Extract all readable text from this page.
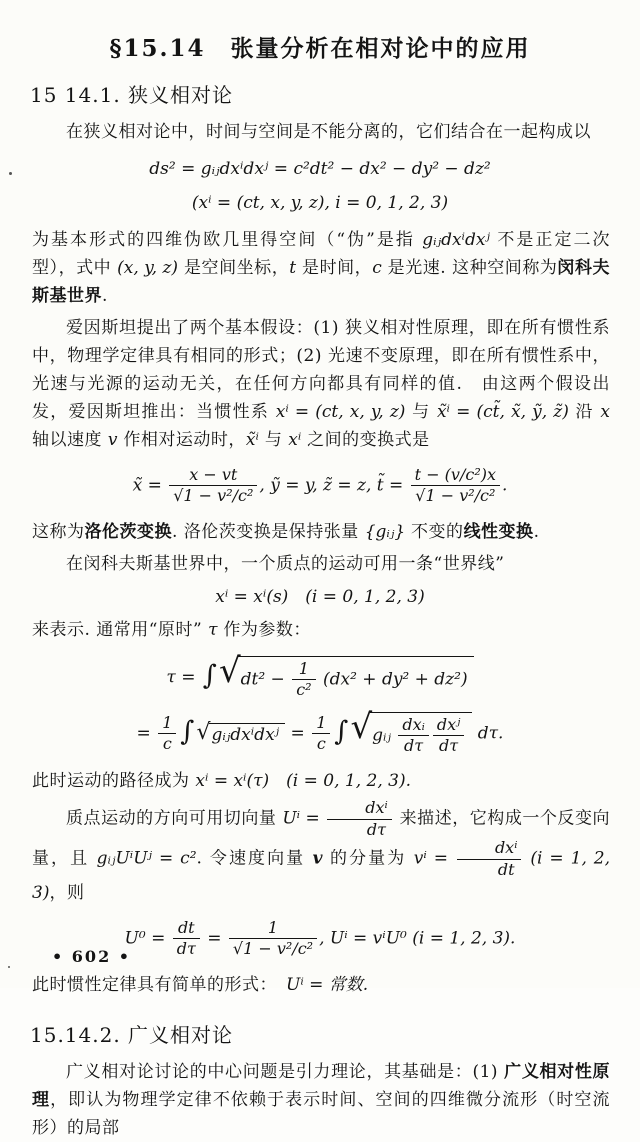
§15.14　张量分析在相对论中的应用
15 14.1. 狭义相对论

在狭义相对论中，时间与空间是不能分离的，它们结合在一起构成以

ds² = gᵢⱼdxⁱdxʲ = c²dt² − dx² − dy² − dz²
(xⁱ = (ct, x, y, z), i = 0, 1, 2, 3)

为基本形式的四维伪欧几里得空间（“伪”是指 gᵢⱼdxⁱdxʲ 不是正定二次型），式中 (x, y, z) 是空间坐标，t 是时间，c 是光速. 这种空间称为闵科夫斯基世界.

爱因斯坦提出了两个基本假设：(1) 狭义相对性原理，即在所有惯性系中，物理学定律具有相同的形式；(2) 光速不变原理，即在所有惯性系中，光速与光源的运动无关，在任何方向都具有同样的值.　由这两个假设出发，爱因斯坦推出：当惯性系 xⁱ = (ct, x, y, z) 与 x̃ⁱ = (ct̃, x̃, ỹ, z̃) 沿 x 轴以速度 v 作相对运动时，x̃ⁱ 与 xⁱ 之间的变换式是

x̃ = $\frac{x - vt}{\text{√1 − v²/c²}}$ , ỹ = y, z̃ = z, t̃ = $\frac{\text{t − (v/c²)x}}{\text{√1 − v²/c²}}$ .

这称为洛伦茨变换. 洛伦茨变换是保持张量 {gᵢⱼ} 不变的线性变换.

在闵科夫斯基世界中，一个质点的运动可用一条“世界线”

xⁱ = xⁱ(s)　(i = 0, 1, 2, 3)

来表示. 通常用“原时” τ 作为参数：

τ = ∫ √ $dt^2 - \frac{1}{\text{c²}} (dx^2 + dy^2 + dz^2)$
= $\frac{1}{c}$ ∫ √ gᵢⱼdxⁱdxʲ = $\frac{1}{c}$ ∫ √ gᵢⱼ $\frac{\text{dxᵢ}}{d\tau} \frac{\text{dxʲ}}{d\tau} d\tau$.

此时运动的路径成为 xⁱ = xⁱ(τ)　(i = 0, 1, 2, 3).

质点运动的方向可用切向量 $U^i = \frac{\text{dxⁱ}}{d\tau}$ 来描述，它构成一个反变向量，且 gᵢⱼUⁱUʲ = c². 令速度向量 v 的分量为 $v^i = \frac{\text{dxⁱ}}{dt} (i = 1$, 2, 3)，则

$U^0 = \frac{dt}{d\tau} = \frac{1}{\text{√1 − v²/c²}}$ , Uⁱ = vⁱU⁰ (i = 1, 2, 3).

此时惯性定律具有简单的形式：　Uⁱ = 常数.

15.14.2. 广义相对论

广义相对论讨论的中心问题是引力理论，其基础是：(1) 广义相对性原理，即认为物理学定律不依赖于表示时间、空间的四维微分流形（时空流形）的局部

• 602 •
